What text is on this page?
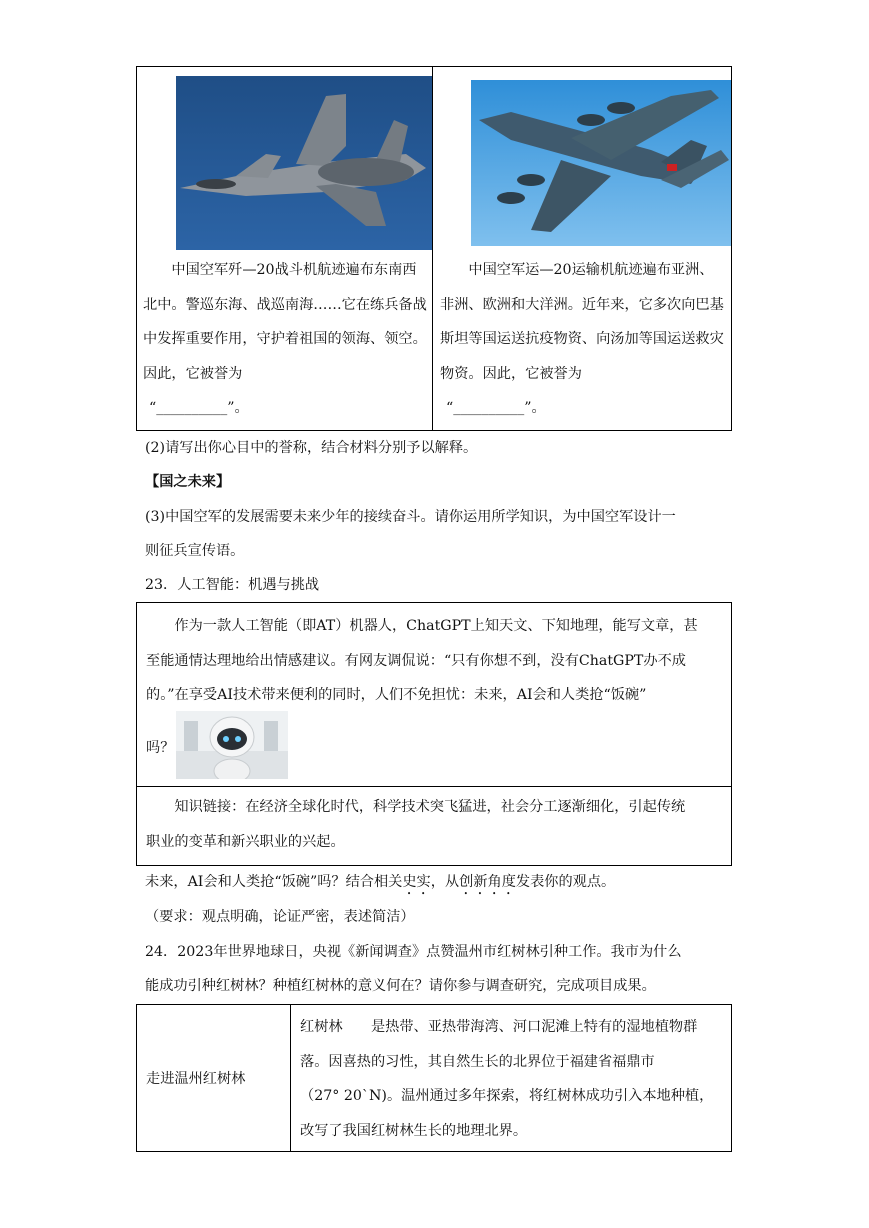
中国空军歼—20战斗机航迹遍布东南西北中。警巡东海、战巡南海……它在练兵备战中发挥重要作用，守护着祖国的领海、领空。因此，它被誉为
“__________”。
中国空军运—20运输机航迹遍布亚洲、非洲、欧洲和大洋洲。近年来，它多次向巴基斯坦等国运送抗疫物资、向汤加等国运送救灾物资。因此，它被誉为
“__________”。
(2)请写出你心目中的誉称，结合材料分别予以解释。
【国之未来】
(3)中国空军的发展需要未来少年的接续奋斗。请你运用所学知识，为中国空军设计一
则征兵宣传语。
23．人工智能：机遇与挑战
作为一款人工智能（即AT）机器人，ChatGPT上知天文、下知地理，能写文章，甚
至能通情达理地给出情感建议。有网友调侃说：“只有你想不到，没有ChatGPT办不成
的。”在享受AI技术带来便利的同时，人们不免担忧：未来，AI会和人类抢“饭碗”
吗？
知识链接：在经济全球化时代，科学技术突飞猛进，社会分工逐渐细化，引起传统
职业的变革和新兴职业的兴起。
未来，AI会和人类抢“饭碗”吗？结合相关史实，从创新角度发表你的观点。
（要求：观点明确，论证严密，表述简洁）
24．2023年世界地球日，央视《新闻调查》点赞温州市红树林引种工作。我市为什么
能成功引种红树林？种植红树林的意义何在？请你参与调查研究，完成项目成果。
走进温州红树林
红树林　　是热带、亚热带海湾、河口泥滩上特有的湿地植物群
落。因喜热的习性，其自然生长的北界位于福建省福鼎市
（27° 20`N)。温州通过多年探索，将红树林成功引入本地种植，
改写了我国红树林生长的地理北界。
